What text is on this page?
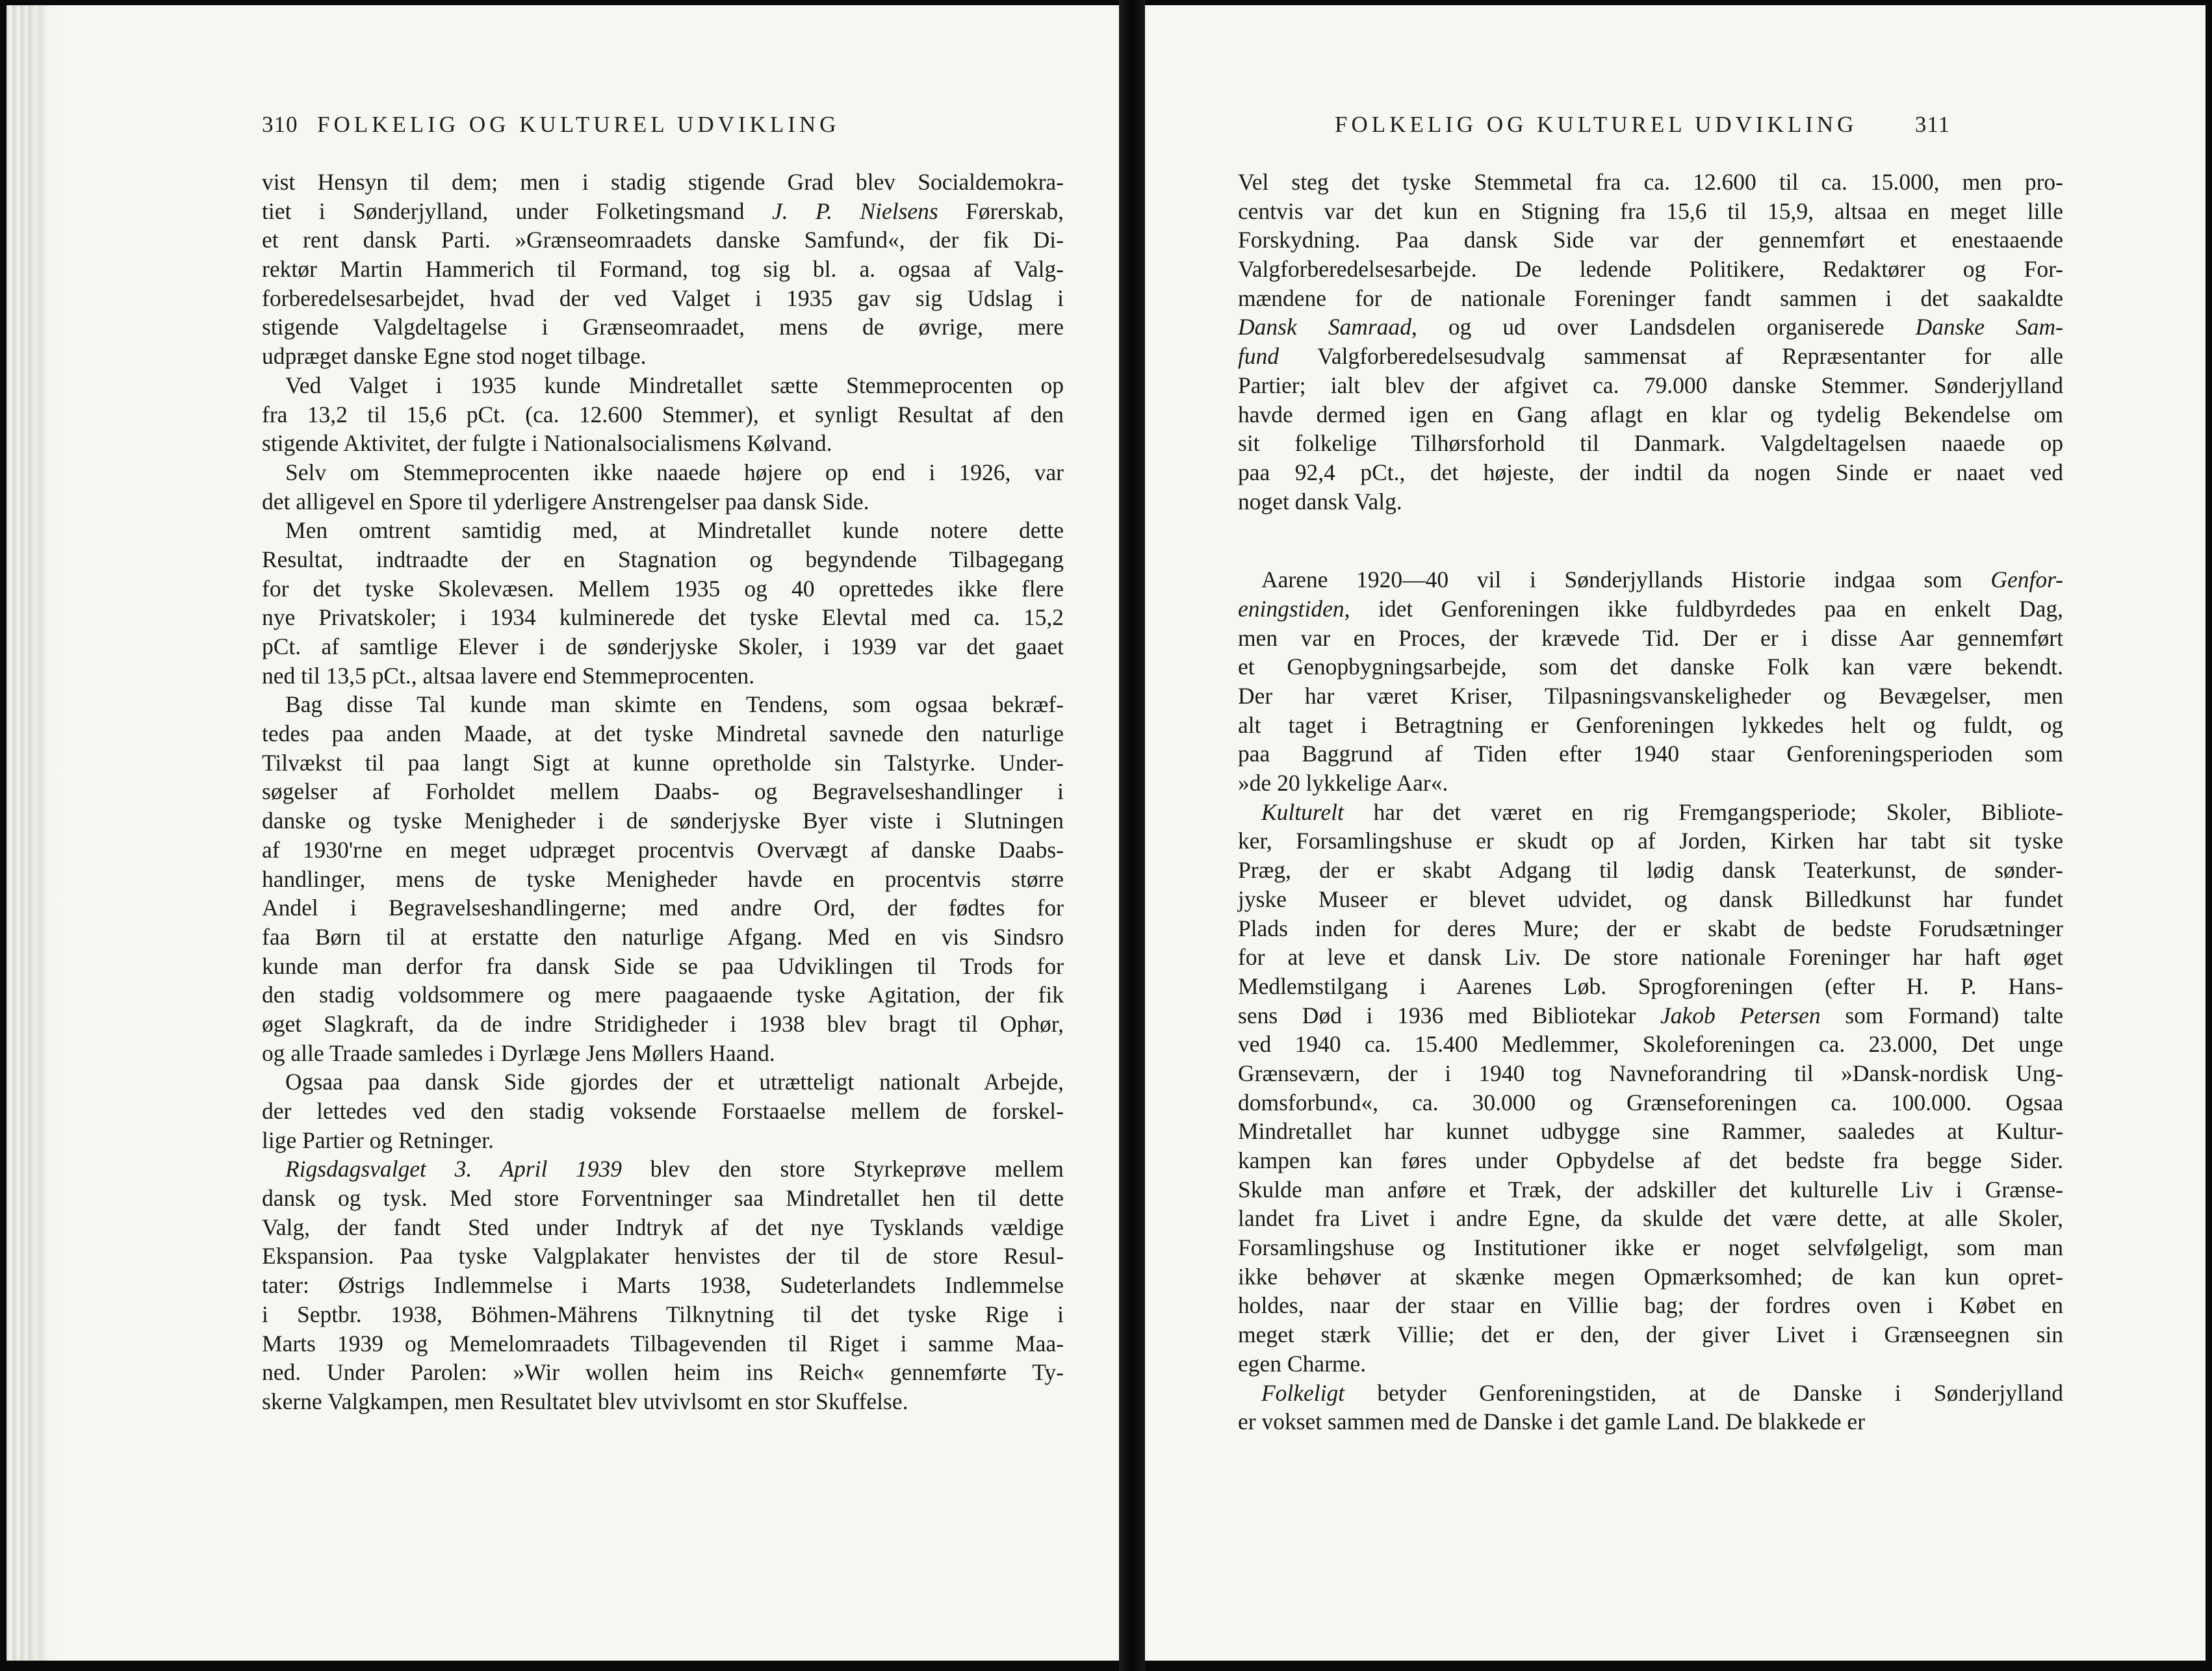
310 FOLKELIG OG KULTUREL UDVIKLING
vist Hensyn til dem; men i stadig stigende Grad blev Socialdemokra-
tiet i Sønderjylland, under Folketingsmand J. P. Nielsens Førerskab,
et rent dansk Parti. »Grænseomraadets danske Samfund«, der fik Di-
rektør Martin Hammerich til Formand, tog sig bl. a. ogsaa af Valg-
forberedelsesarbejdet, hvad der ved Valget i 1935 gav sig Udslag i
stigende Valgdeltagelse i Grænseomraadet, mens de øvrige, mere
udpræget danske Egne stod noget tilbage.
Ved Valget i 1935 kunde Mindretallet sætte Stemmeprocenten op
fra 13,2 til 15,6 pCt. (ca. 12.600 Stemmer), et synligt Resultat af den
stigende Aktivitet, der fulgte i Nationalsocialismens Kølvand.
Selv om Stemmeprocenten ikke naaede højere op end i 1926, var
det alligevel en Spore til yderligere Anstrengelser paa dansk Side.
Men omtrent samtidig med, at Mindretallet kunde notere dette
Resultat, indtraadte der en Stagnation og begyndende Tilbagegang
for det tyske Skolevæsen. Mellem 1935 og 40 oprettedes ikke flere
nye Privatskoler; i 1934 kulminerede det tyske Elevtal med ca. 15,2
pCt. af samtlige Elever i de sønderjyske Skoler, i 1939 var det gaaet
ned til 13,5 pCt., altsaa lavere end Stemmeprocenten.
Bag disse Tal kunde man skimte en Tendens, som ogsaa bekræf-
tedes paa anden Maade, at det tyske Mindretal savnede den naturlige
Tilvækst til paa langt Sigt at kunne opretholde sin Talstyrke. Under-
søgelser af Forholdet mellem Daabs- og Begravelseshandlinger i
danske og tyske Menigheder i de sønderjyske Byer viste i Slutningen
af 1930'rne en meget udpræget procentvis Overvægt af danske Daabs-
handlinger, mens de tyske Menigheder havde en procentvis større
Andel i Begravelseshandlingerne; med andre Ord, der fødtes for
faa Børn til at erstatte den naturlige Afgang. Med en vis Sindsro
kunde man derfor fra dansk Side se paa Udviklingen til Trods for
den stadig voldsommere og mere paagaaende tyske Agitation, der fik
øget Slagkraft, da de indre Stridigheder i 1938 blev bragt til Ophør,
og alle Traade samledes i Dyrlæge Jens Møllers Haand.
Ogsaa paa dansk Side gjordes der et utrætteligt nationalt Arbejde,
der lettedes ved den stadig voksende Forstaaelse mellem de forskel-
lige Partier og Retninger.
Rigsdagsvalget 3. April 1939 blev den store Styrkeprøve mellem
dansk og tysk. Med store Forventninger saa Mindretallet hen til dette
Valg, der fandt Sted under Indtryk af det nye Tysklands vældige
Ekspansion. Paa tyske Valgplakater henvistes der til de store Resul-
tater: Østrigs Indlemmelse i Marts 1938, Sudeterlandets Indlemmelse
i Septbr. 1938, Böhmen-Mährens Tilknytning til det tyske Rige i
Marts 1939 og Memelomraadets Tilbagevenden til Riget i samme Maa-
ned. Under Parolen: »Wir wollen heim ins Reich« gennemførte Ty-
skerne Valgkampen, men Resultatet blev utvivlsomt en stor Skuffelse.
FOLKELIG OG KULTUREL UDVIKLING	311
Vel steg det tyske Stemmetal fra ca. 12.600 til ca. 15.000, men pro-
centvis var det kun en Stigning fra 15,6 til 15,9, altsaa en meget lille
Forskydning. Paa dansk Side var der gennemført et enestaaende
Valgforberedelsesarbejde. De ledende Politikere, Redaktører og For-
mændene for de nationale Foreninger fandt sammen i det saakaldte
Dansk Samraad, og ud over Landsdelen organiserede Danske Sam-
fund Valgforberedelsesudvalg sammensat af Repræsentanter for alle
Partier; ialt blev der afgivet ca. 79.000 danske Stemmer. Sønderjylland
havde dermed igen en Gang aflagt en klar og tydelig Bekendelse om
sit folkelige Tilhørsforhold til Danmark. Valgdeltagelsen naaede op
paa 92,4 pCt., det højeste, der indtil da nogen Sinde er naaet ved
noget dansk Valg.
Aarene 1920—40 vil i Sønderjyllands Historie indgaa som Genfor-
eningstiden, idet Genforeningen ikke fuldbyrdedes paa en enkelt Dag,
men var en Proces, der krævede Tid. Der er i disse Aar gennemført
et Genopbygningsarbejde, som det danske Folk kan være bekendt.
Der har været Kriser, Tilpasningsvanskeligheder og Bevægelser, men
alt taget i Betragtning er Genforeningen lykkedes helt og fuldt, og
paa Baggrund af Tiden efter 1940 staar Genforeningsperioden som
»de 20 lykkelige Aar«.
Kulturelt har det været en rig Fremgangsperiode; Skoler, Bibliote-
ker, Forsamlingshuse er skudt op af Jorden, Kirken har tabt sit tyske
Præg, der er skabt Adgang til lødig dansk Teaterkunst, de sønder-
jyske Museer er blevet udvidet, og dansk Billedkunst har fundet
Plads inden for deres Mure; der er skabt de bedste Forudsætninger
for at leve et dansk Liv. De store nationale Foreninger har haft øget
Medlemstilgang i Aarenes Løb. Sprogforeningen (efter H. P. Hans-
sens Død i 1936 med Bibliotekar Jakob Petersen som Formand) talte
ved 1940 ca. 15.400 Medlemmer, Skoleforeningen ca. 23.000, Det unge
Grænseværn, der i 1940 tog Navneforandring til »Dansk-nordisk Ung-
domsforbund«, ca. 30.000 og Grænseforeningen ca. 100.000. Ogsaa
Mindretallet har kunnet udbygge sine Rammer, saaledes at Kultur-
kampen kan føres under Opbydelse af det bedste fra begge Sider.
Skulde man anføre et Træk, der adskiller det kulturelle Liv i Grænse-
landet fra Livet i andre Egne, da skulde det være dette, at alle Skoler,
Forsamlingshuse og Institutioner ikke er noget selvfølgeligt, som man
ikke behøver at skænke megen Opmærksomhed; de kan kun opret-
holdes, naar der staar en Villie bag; der fordres oven i Købet en
meget stærk Villie; det er den, der giver Livet i Grænseegnen sin
egen Charme.
Folkeligt betyder Genforeningstiden, at de Danske i Sønderjylland
er vokset sammen med de Danske i det gamle Land. De blakkede er
